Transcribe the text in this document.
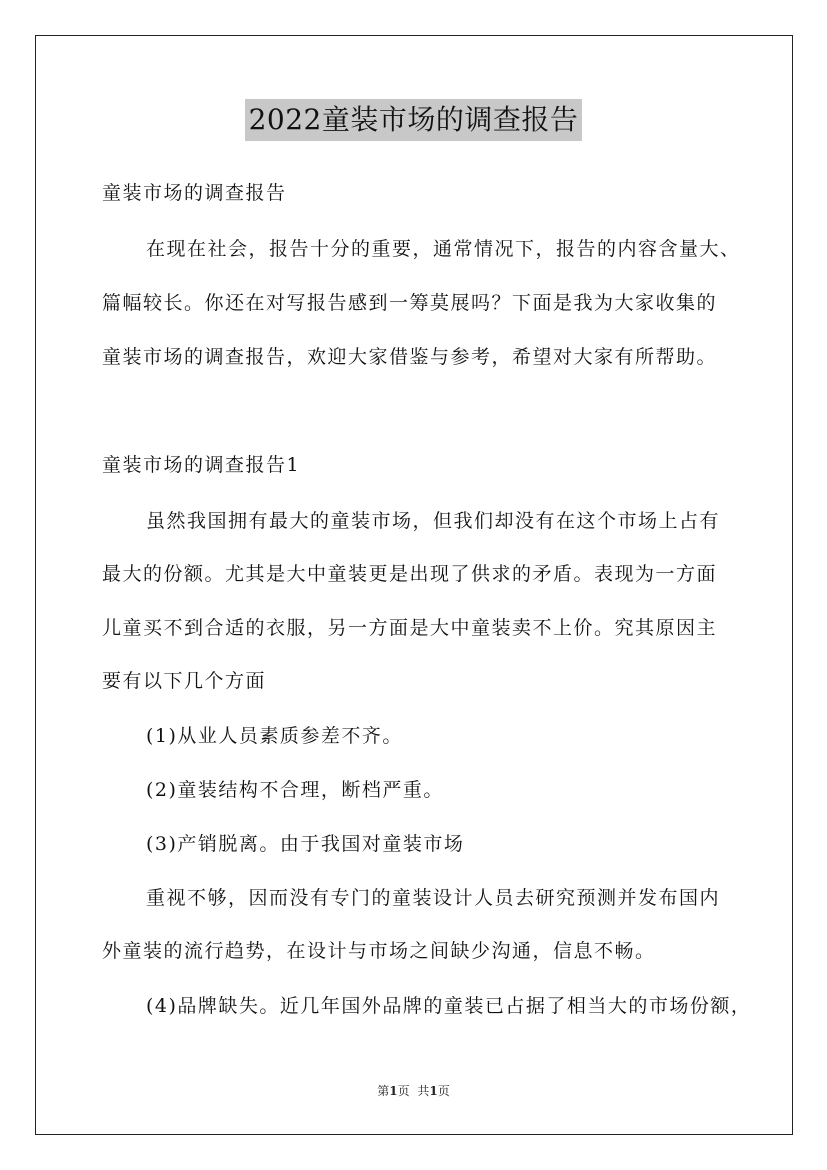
2022童装市场的调查报告
童装市场的调查报告
在现在社会，报告十分的重要，通常情况下，报告的内容含量大、
篇幅较长。你还在对写报告感到一筹莫展吗？下面是我为大家收集的
童装市场的调查报告，欢迎大家借鉴与参考，希望对大家有所帮助。
童装市场的调查报告1
虽然我国拥有最大的童装市场，但我们却没有在这个市场上占有
最大的份额。尤其是大中童装更是出现了供求的矛盾。表现为一方面
儿童买不到合适的衣服，另一方面是大中童装卖不上价。究其原因主
要有以下几个方面
(1)从业人员素质参差不齐。
(2)童装结构不合理，断档严重。
(3)产销脱离。由于我国对童装市场
重视不够，因而没有专门的童装设计人员去研究预测并发布国内
外童装的流行趋势，在设计与市场之间缺少沟通，信息不畅。
(4)品牌缺失。近几年国外品牌的童装已占据了相当大的市场份额，
第1页 共1页
